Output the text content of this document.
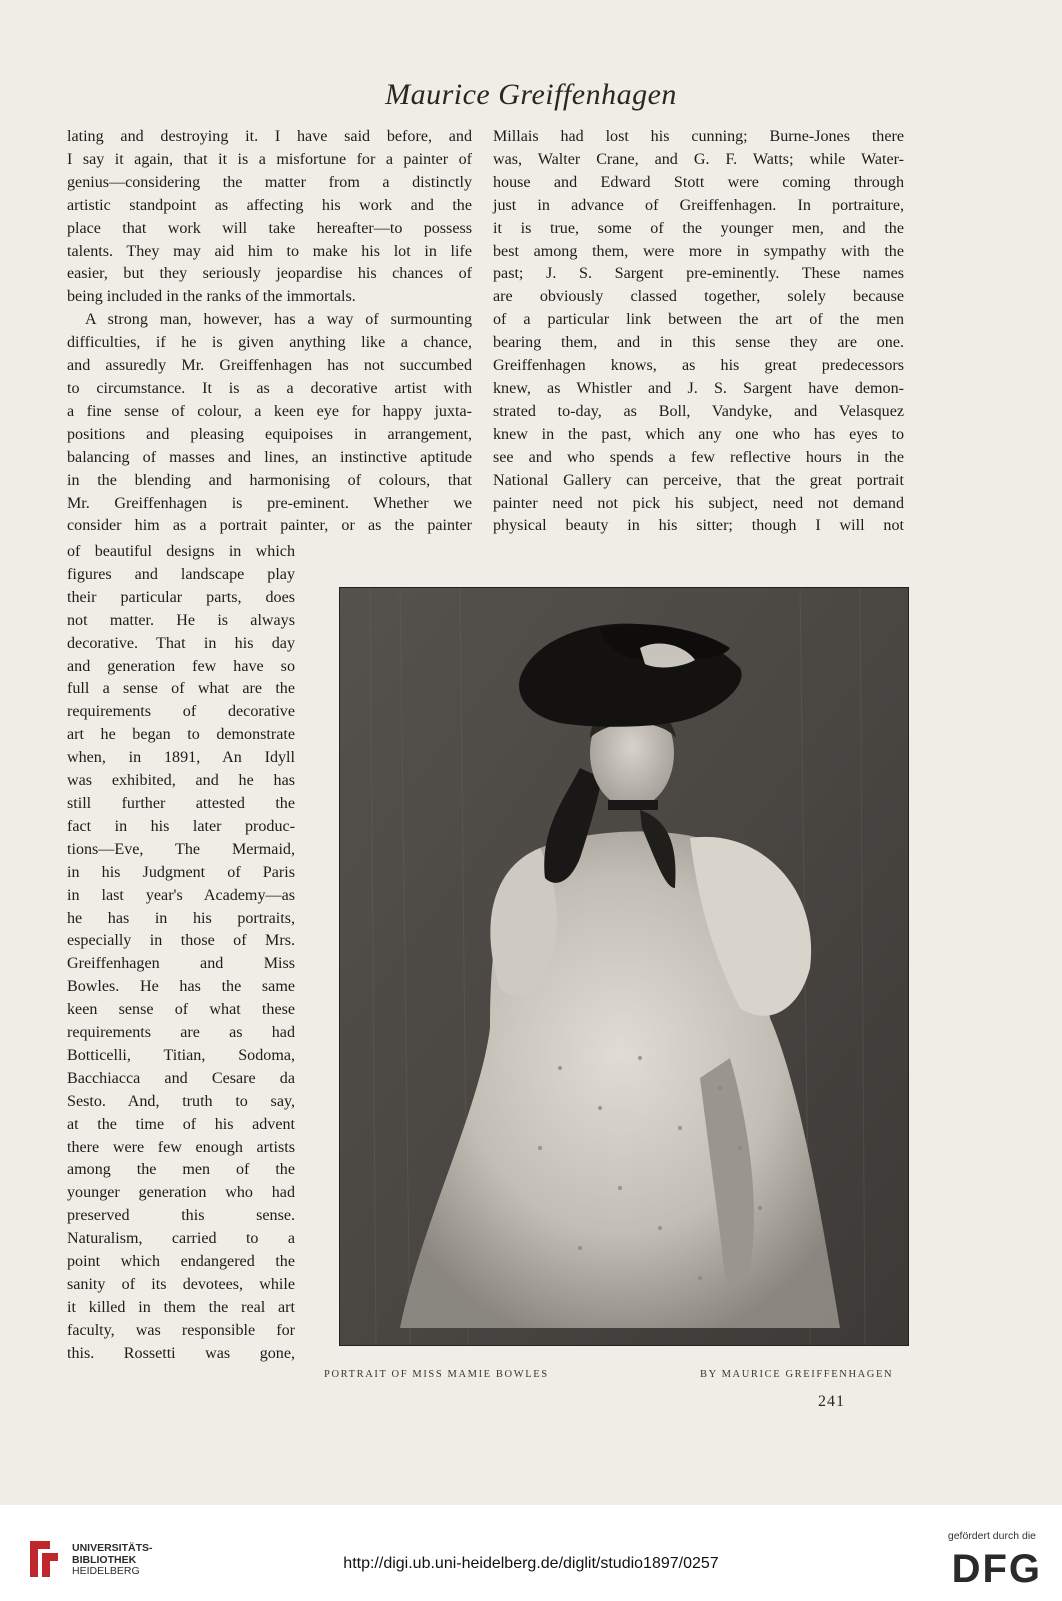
Maurice Greiffenhagen
lating and destroying it. I have said before, and
I say it again, that it is a misfortune for a painter of
genius—considering the matter from a distinctly
artistic standpoint as affecting his work and the
place that work will take hereafter—to possess
talents. They may aid him to make his lot in life
easier, but they seriously jeopardise his chances of
being included in the ranks of the immortals.
A strong man, however, has a way of surmounting
difficulties, if he is given anything like a chance,
and assuredly Mr. Greiffenhagen has not succumbed
to circumstance. It is as a decorative artist with
a fine sense of colour, a keen eye for happy juxta-
positions and pleasing equipoises in arrangement,
balancing of masses and lines, an instinctive aptitude
in the blending and harmonising of colours, that
Mr. Greiffenhagen is pre-eminent. Whether we
consider him as a portrait painter, or as the painter
of beautiful designs in which
figures and landscape play
their particular parts, does
not matter. He is always
decorative. That in his day
and generation few have so
full a sense of what are the
requirements of decorative
art he began to demonstrate
when, in 1891, An Idyll
was exhibited, and he has
still further attested the
fact in his later produc-
tions—Eve, The Mermaid,
in his Judgment of Paris
in last year's Academy—as
he has in his portraits,
especially in those of Mrs.
Greiffenhagen and Miss
Bowles. He has the same
keen sense of what these
requirements are as had
Botticelli, Titian, Sodoma,
Bacchiacca and Cesare da
Sesto. And, truth to say,
at the time of his advent
there were few enough artists
among the men of the
younger generation who had
preserved this sense.
Naturalism, carried to a
point which endangered the
sanity of its devotees, while
it killed in them the real art
faculty, was responsible for
this. Rossetti was gone,
Millais had lost his cunning; Burne-Jones there
was, Walter Crane, and G. F. Watts; while Water-
house and Edward Stott were coming through
just in advance of Greiffenhagen. In portraiture,
it is true, some of the younger men, and the
best among them, were more in sympathy with the
past; J. S. Sargent pre-eminently. These names
are obviously classed together, solely because
of a particular link between the art of the men
bearing them, and in this sense they are one.
Greiffenhagen knows, as his great predecessors
knew, as Whistler and J. S. Sargent have demon-
strated to-day, as Boll, Vandyke, and Velasquez
knew in the past, which any one who has eyes to
see and who spends a few reflective hours in the
National Gallery can perceive, that the great portrait
painter need not pick his subject, need not demand
physical beauty in his sitter; though I will not
PORTRAIT OF MISS MAMIE BOWLES	BY MAURICE GREIFFENHAGEN
241
UNIVERSITÄTS-
BIBLIOTHEK
HEIDELBERG	http://digi.ub.uni-heidelberg.de/diglit/studio1897/0257
gefördert durch die
DFG
